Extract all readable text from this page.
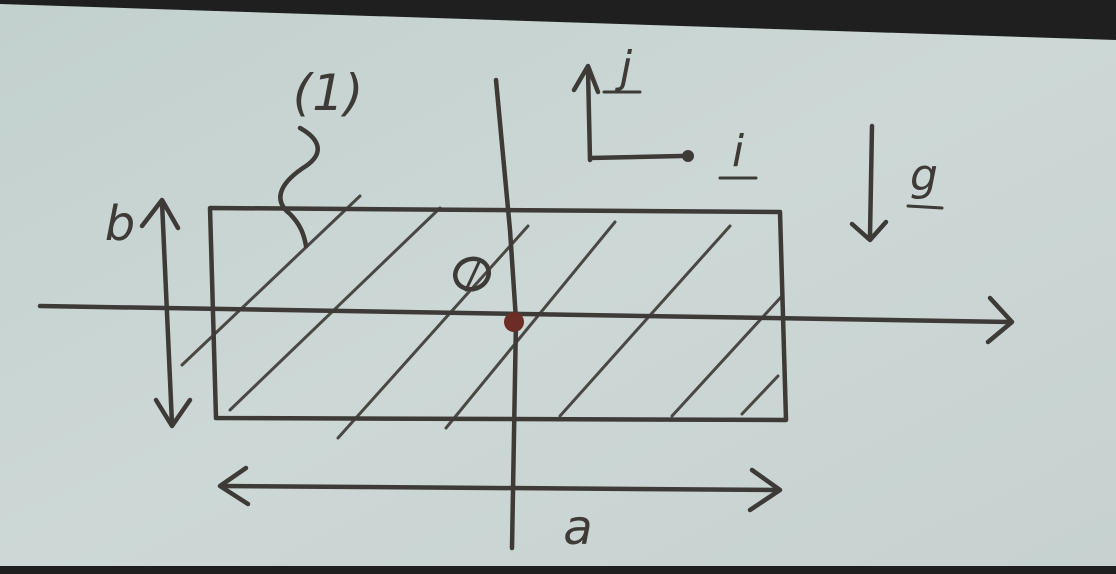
(1)	j
i	g
b
a
